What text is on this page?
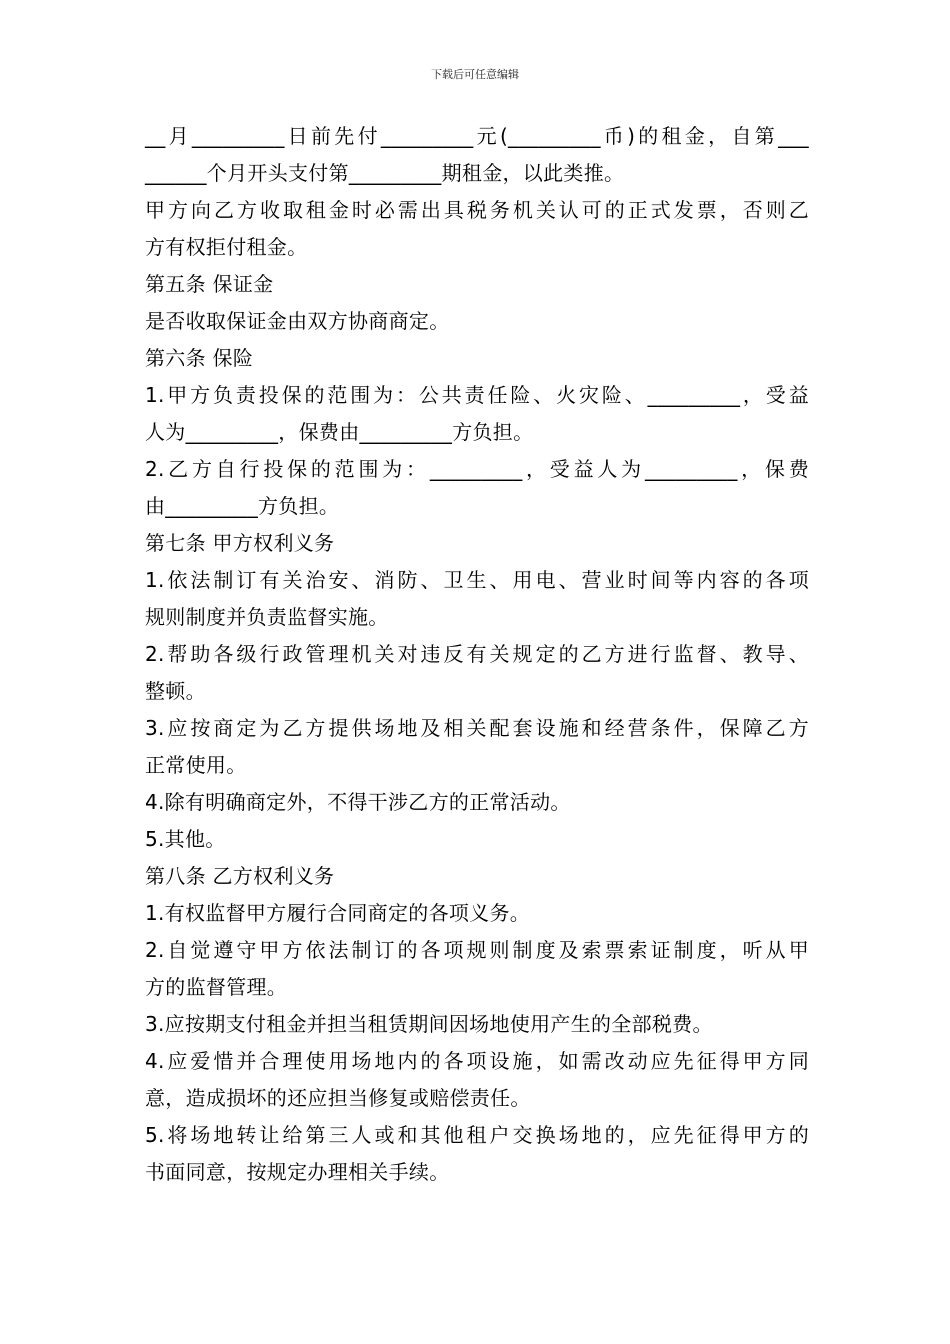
下载后可任意编辑
__月_________日前先付_________元(_________币)的租金，自第___
______个月开头支付第_________期租金，以此类推。
甲方向乙方收取租金时必需出具税务机关认可的正式发票，否则乙
方有权拒付租金。
第五条 保证金
是否收取保证金由双方协商商定。
第六条 保险
1.甲方负责投保的范围为：公共责任险、火灾险、_________，受益
人为_________，保费由_________方负担。
2.乙方自行投保的范围为：_________，受益人为_________，保费
由_________方负担。
第七条 甲方权利义务
1.依法制订有关治安、消防、卫生、用电、营业时间等内容的各项
规则制度并负责监督实施。
2.帮助各级行政管理机关对违反有关规定的乙方进行监督、教导、
整顿。
3.应按商定为乙方提供场地及相关配套设施和经营条件，保障乙方
正常使用。
4.除有明确商定外，不得干涉乙方的正常活动。
5.其他。
第八条 乙方权利义务
1.有权监督甲方履行合同商定的各项义务。
2.自觉遵守甲方依法制订的各项规则制度及索票索证制度，听从甲
方的监督管理。
3.应按期支付租金并担当租赁期间因场地使用产生的全部税费。
4.应爱惜并合理使用场地内的各项设施，如需改动应先征得甲方同
意，造成损坏的还应担当修复或赔偿责任。
5.将场地转让给第三人或和其他租户交换场地的，应先征得甲方的
书面同意，按规定办理相关手续。
